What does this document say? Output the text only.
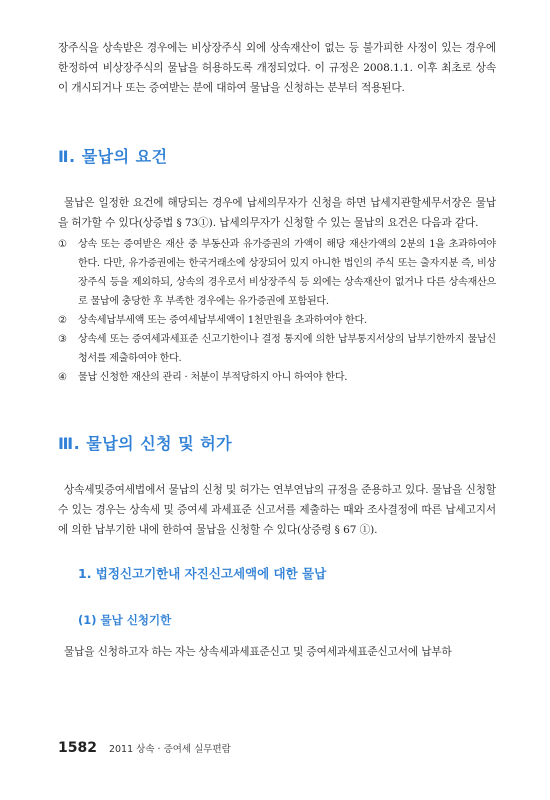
장주식을 상속받은 경우에는 비상장주식 외에 상속재산이 없는 등 불가피한 사정이 있는 경우에 한정하여 비상장주식의 물납을 허용하도록 개정되었다. 이 규정은 2008.1.1. 이후 최초로 상속이 개시되거나 또는 증여받는 분에 대하여 물납을 신청하는 분부터 적용된다.

Ⅱ. 물납의 요건

물납은 일정한 요건에 해당되는 경우에 납세의무자가 신청을 하면 납세지관할세무서장은 물납을 허가할 수 있다(상증법 § 73①). 납세의무자가 신청할 수 있는 물납의 요건은 다음과 같다.

①	상속 또는 증여받은 재산 중 부동산과 유가증권의 가액이 해당 재산가액의 2분의 1을 초과하여야 한다. 다만, 유가증권에는 한국거래소에 상장되어 있지 아니한 법인의 주식 또는 출자지분 즉, 비상장주식 등을 제외하되, 상속의 경우로서 비상장주식 등 외에는 상속재산이 없거나 다른 상속재산으로 물납에 충당한 후 부족한 경우에는 유가증권에 포함된다.
②	상속세납부세액 또는 증여세납부세액이 1천만원을 초과하여야 한다.
③	상속세 또는 증여세과세표준 신고기한이나 결정 통지에 의한 납부통지서상의 납부기한까지 물납신청서를 제출하여야 한다.
④	물납 신청한 재산의 관리 · 처분이 부적당하지 아니 하여야 한다.
Ⅲ. 물납의 신청 및 허가

상속세및증여세법에서 물납의 신청 및 허가는 연부연납의 규정을 준용하고 있다. 물납을 신청할 수 있는 경우는 상속세 및 증여세 과세표준 신고서를 제출하는 때와 조사결정에 따른 납세고지서에 의한 납부기한 내에 한하여 물납을 신청할 수 있다(상증령 § 67 ①).

1. 법정신고기한내 자진신고세액에 대한 물납
(1) 물납 신청기한

물납을 신청하고자 하는 자는 상속세과세표준신고 및 증여세과세표준신고서에 납부하

1582 2011 상속 · 증여세 실무편람
